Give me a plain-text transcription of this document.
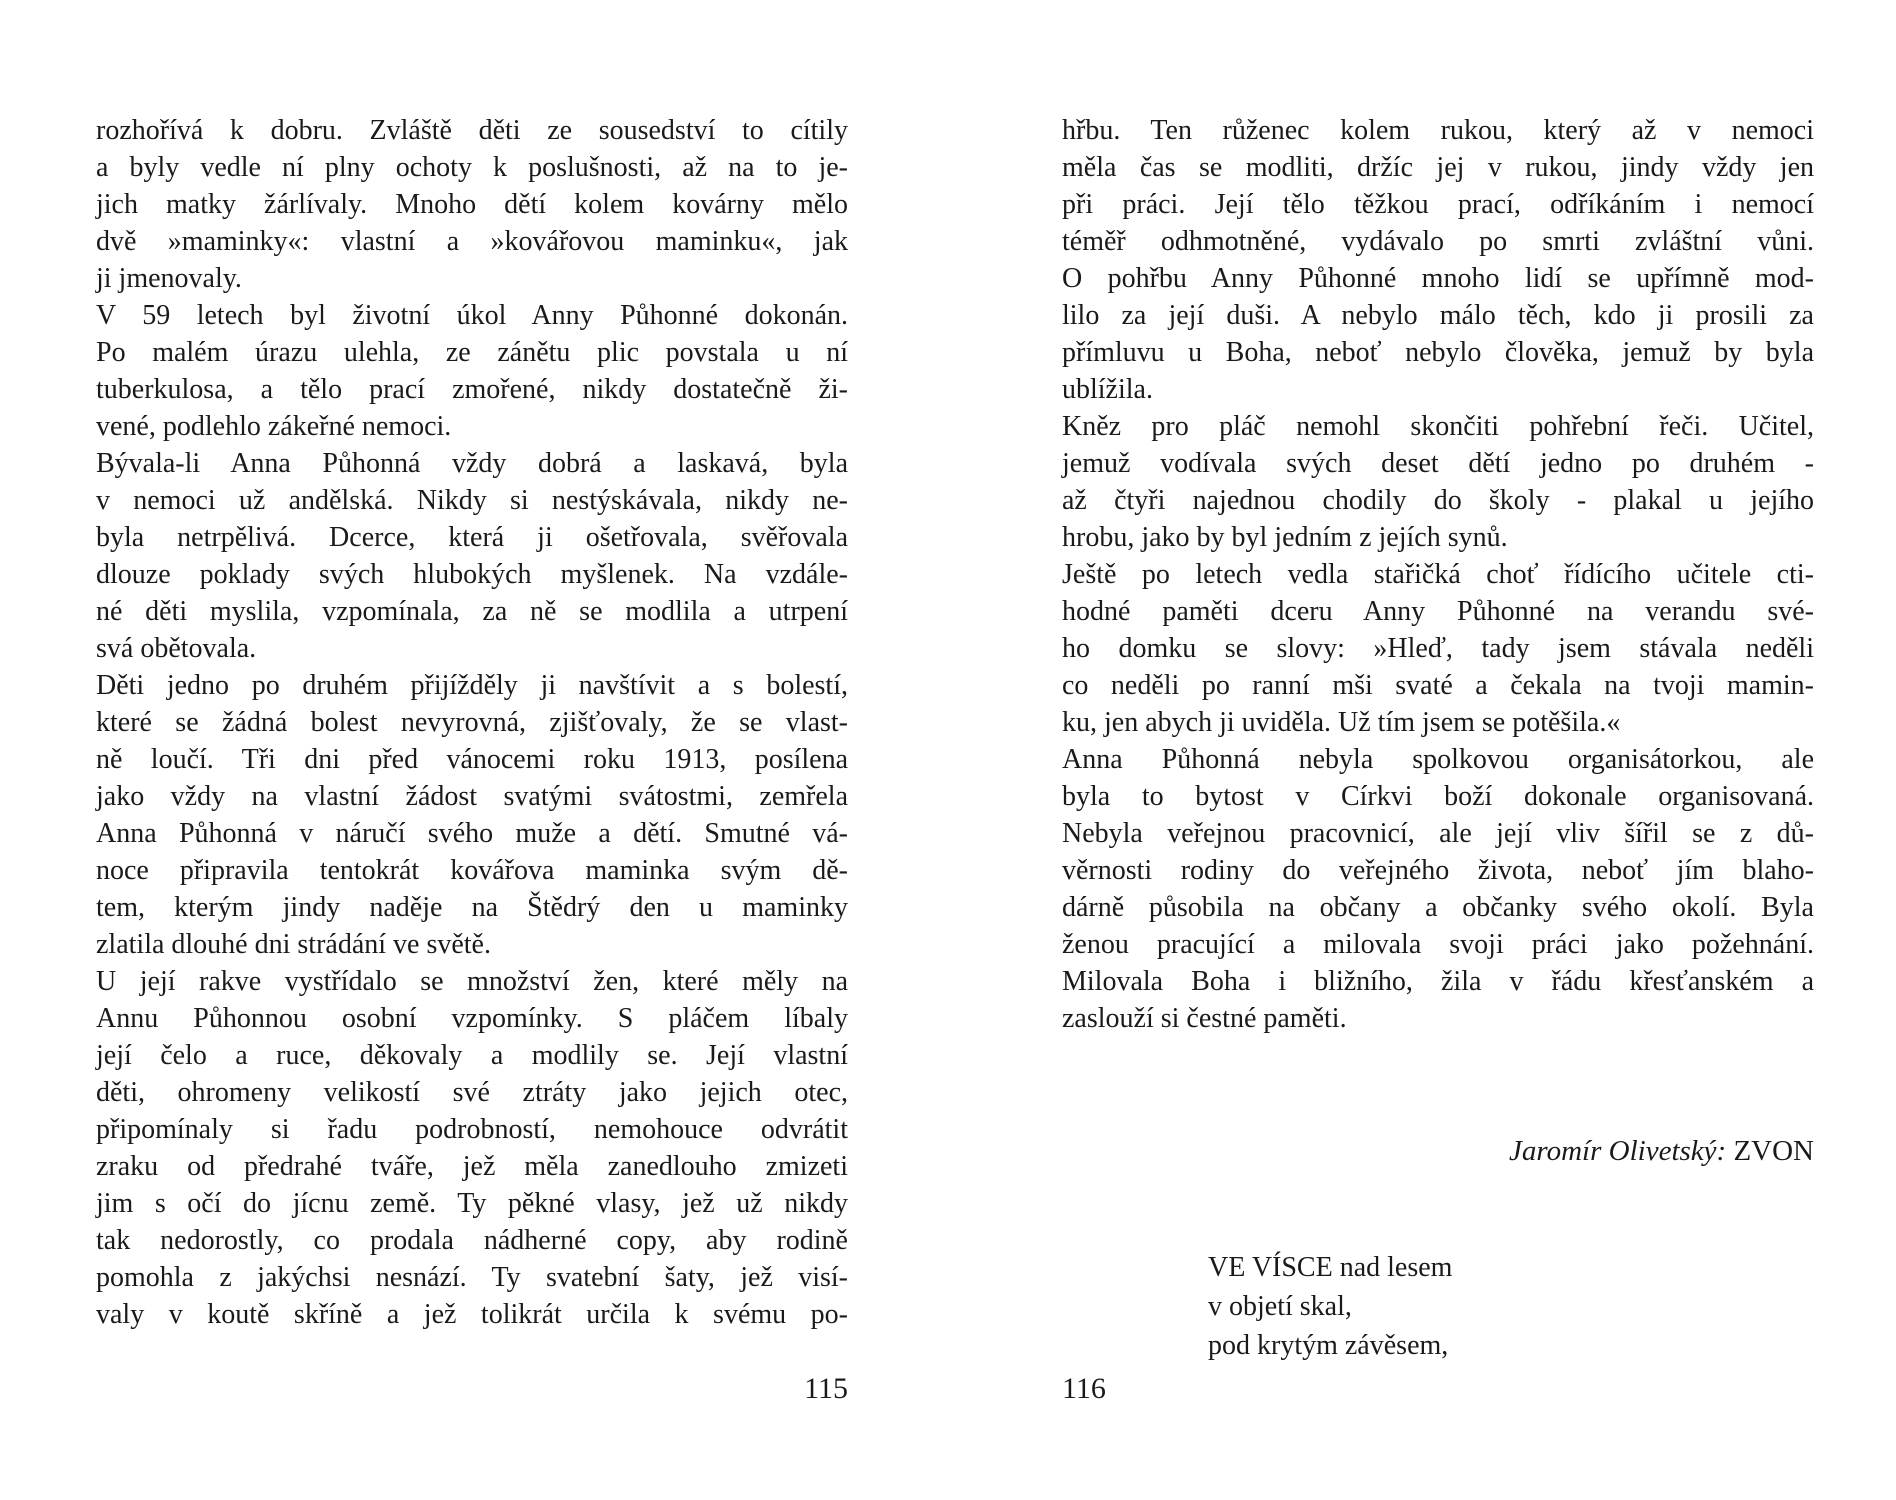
rozhořívá k dobru. Zvláště děti ze sousedství to cítily
a byly vedle ní plny ochoty k poslušnosti, až na to je-
jich matky žárlívaly. Mnoho dětí kolem kovárny mělo
dvě »maminky«: vlastní a »kovářovou maminku«, jak
ji jmenovaly.
V 59 letech byl životní úkol Anny Půhonné dokonán.
Po malém úrazu ulehla, ze zánětu plic povstala u ní
tuberkulosa, a tělo prací zmořené, nikdy dostatečně ži-
vené, podlehlo zákeřné nemoci.
Bývala-li Anna Půhonná vždy dobrá a laskavá, byla
v nemoci už andělská. Nikdy si nestýskávala, nikdy ne-
byla netrpělivá. Dcerce, která ji ošetřovala, svěřovala
dlouze poklady svých hlubokých myšlenek. Na vzdále-
né děti myslila, vzpomínala, za ně se modlila a utrpení
svá obětovala.
Děti jedno po druhém přijížděly ji navštívit a s bolestí,
které se žádná bolest nevyrovná, zjišťovaly, že se vlast-
ně loučí. Tři dni před vánocemi roku 1913, posílena
jako vždy na vlastní žádost svatými svátostmi, zemřela
Anna Půhonná v náručí svého muže a dětí. Smutné vá-
noce připravila tentokrát kovářova maminka svým dě-
tem, kterým jindy naděje na Štědrý den u maminky
zlatila dlouhé dni strádání ve světě.
U její rakve vystřídalo se množství žen, které měly na
Annu Půhonnou osobní vzpomínky. S pláčem líbaly
její čelo a ruce, děkovaly a modlily se. Její vlastní
děti, ohromeny velikostí své ztráty jako jejich otec,
připomínaly si řadu podrobností, nemohouce odvrátit
zraku od předrahé tváře, jež měla zanedlouho zmizeti
jim s očí do jícnu země. Ty pěkné vlasy, jež už nikdy
tak nedorostly, co prodala nádherné copy, aby rodině
pomohla z jakýchsi nesnází. Ty svatební šaty, jež visí-
valy v koutě skříně a jež tolikrát určila k svému po-
115
hřbu. Ten růženec kolem rukou, který až v nemoci
měla čas se modliti, držíc jej v rukou, jindy vždy jen
při práci. Její tělo těžkou prací, odříkáním i nemocí
téměř odhmotněné, vydávalo po smrti zvláštní vůni.
O pohřbu Anny Půhonné mnoho lidí se upřímně mod-
lilo za její duši. A nebylo málo těch, kdo ji prosili za
přímluvu u Boha, neboť nebylo člověka, jemuž by byla
ublížila.
Kněz pro pláč nemohl skončiti pohřební řeči. Učitel,
jemuž vodívala svých deset dětí jedno po druhém -
až čtyři najednou chodily do školy - plakal u jejího
hrobu, jako by byl jedním z jejích synů.
Ještě po letech vedla stařičká choť řídícího učitele cti-
hodné paměti dceru Anny Půhonné na verandu své-
ho domku se slovy: »Hleď, tady jsem stávala neděli
co neděli po ranní mši svaté a čekala na tvoji mamin-
ku, jen abych ji uviděla. Už tím jsem se potěšila.«
Anna Půhonná nebyla spolkovou organisátorkou, ale
byla to bytost v Církvi boží dokonale organisovaná.
Nebyla veřejnou pracovnicí, ale její vliv šířil se z dů-
věrnosti rodiny do veřejného života, neboť jím blaho-
dárně působila na občany a občanky svého okolí. Byla
ženou pracující a milovala svoji práci jako požehnání.
Milovala Boha i bližního, žila v řádu křesťanském a
zaslouží si čestné paměti.
Jaromír Olivetský: ZVON
VE VÍSCE nad lesem
v objetí skal,
pod krytým závěsem,
116
